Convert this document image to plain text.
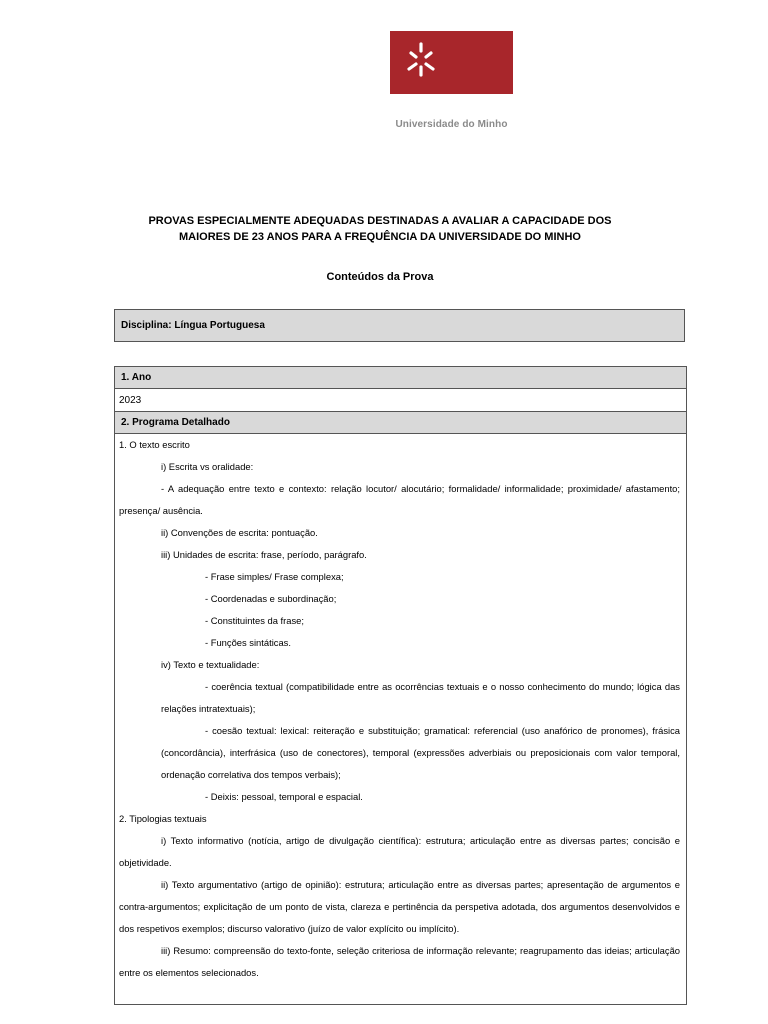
Universidade do Minho
PROVAS ESPECIALMENTE ADEQUADAS DESTINADAS A AVALIAR A CAPACIDADE DOS
MAIORES DE 23 ANOS PARA A FREQUÊNCIA DA UNIVERSIDADE DO MINHO
Conteúdos da Prova
Disciplina: Língua Portuguesa
1. Ano
2023
2. Programa Detalhado

1. O texto escrito

i) Escrita vs oralidade:

- A adequação entre texto e contexto: relação locutor/ alocutário; formalidade/ informalidade; proximidade/ afastamento; presença/ ausência.

ii) Convenções de escrita: pontuação.

iii) Unidades de escrita: frase, período, parágrafo.

- Frase simples/ Frase complexa;

- Coordenadas e subordinação;

- Constituintes da frase;

- Funções sintáticas.

iv) Texto e textualidade:

- coerência textual (compatibilidade entre as ocorrências textuais e o nosso conhecimento do mundo; lógica das relações intratextuais);

- coesão textual: lexical: reiteração e substituição; gramatical: referencial (uso anafórico de pronomes), frásica (concordância), interfrásica (uso de conectores), temporal (expressões adverbiais ou preposicionais com valor temporal, ordenação correlativa dos tempos verbais);

- Deixis: pessoal, temporal e espacial.

2. Tipologias textuais

i) Texto informativo (notícia, artigo de divulgação científica): estrutura; articulação entre as diversas partes; concisão e objetividade.

ii) Texto argumentativo (artigo de opinião): estrutura; articulação entre as diversas partes; apresentação de argumentos e contra-argumentos; explicitação de um ponto de vista, clareza e pertinência da perspetiva adotada, dos argumentos desenvolvidos e dos respetivos exemplos; discurso valorativo (juízo de valor explícito ou implícito).

iii) Resumo: compreensão do texto-fonte, seleção criteriosa de informação relevante; reagrupamento das ideias; articulação entre os elementos selecionados.
